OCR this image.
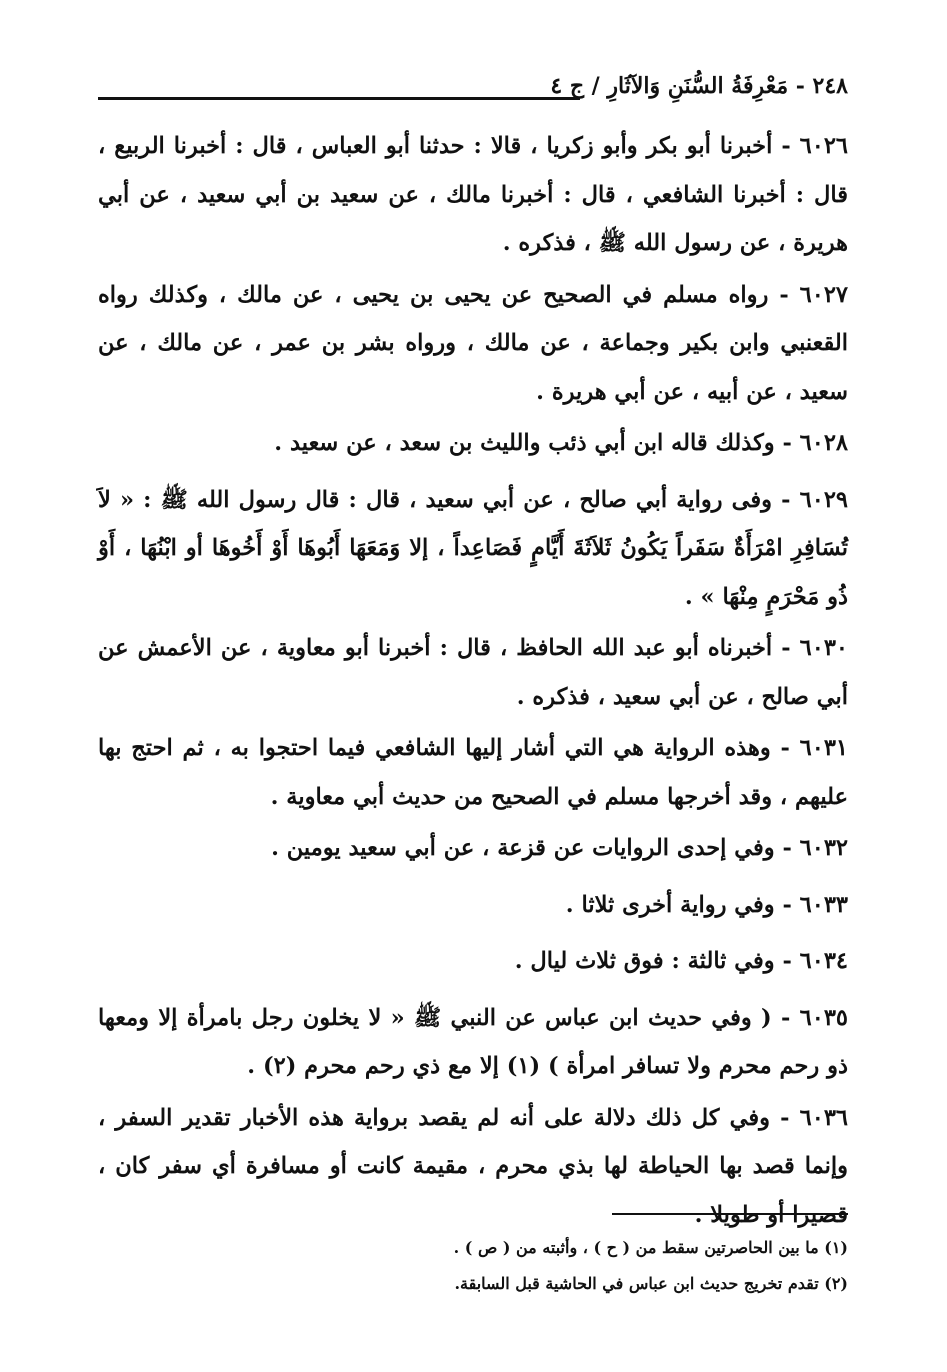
٢٤٨ - مَعْرِفَةُ السُّنَنِ وَالآثَارِ / ج ٤

٦٠٢٦ - أخبرنا أبو بكر وأبو زكريا ، قالا : حدثنا أبو العباس ، قال : أخبرنا الربيع ، قال : أخبرنا الشافعي ، قال : أخبرنا مالك ، عن سعيد بن أبي سعيد ، عن أبي هريرة ، عن رسول الله ﷺ ، فذكره .

٦٠٢٧ - رواه مسلم في الصحيح عن يحيى بن يحيى ، عن مالك ، وكذلك رواه القعنبي وابن بكير وجماعة ، عن مالك ، ورواه بشر بن عمر ، عن مالك ، عن سعيد ، عن أبيه ، عن أبي هريرة .

٦٠٢٨ - وكذلك قاله ابن أبي ذئب والليث بن سعد ، عن سعيد .

٦٠٢٩ - وفى رواية أبي صالح ، عن أبي سعيد ، قال : قال رسول الله ﷺ : « لاَ تُسَافِرِ امْرَأَةٌ سَفَراً يَكُونُ ثَلاَثَةَ أَيَّامٍ فَصَاعِداً ، إلا وَمَعَهَا أَبُوهَا أَوْ أَخُوهَا أو ابْنُهَا ، أَوْ ذُو مَحْرَمٍ مِنْهَا » .

٦٠٣٠ - أخبرناه أبو عبد الله الحافظ ، قال : أخبرنا أبو معاوية ، عن الأعمش عن أبي صالح ، عن أبي سعيد ، فذكره .

٦٠٣١ - وهذه الرواية هي التي أشار إليها الشافعي فيما احتجوا به ، ثم احتج بها عليهم ، وقد أخرجها مسلم في الصحيح من حديث أبي معاوية .

٦٠٣٢ - وفي إحدى الروايات عن قزعة ، عن أبي سعيد يومين .

٦٠٣٣ - وفي رواية أخرى ثلاثا .

٦٠٣٤ - وفي ثالثة : فوق ثلاث ليال .

٦٠٣٥ - ( وفي حديث ابن عباس عن النبي ﷺ « لا يخلون رجل بامرأة إلا ومعها ذو رحم محرم ولا تسافر امرأة ) (١) إلا مع ذي رحم محرم (٢) .

٦٠٣٦ - وفي كل ذلك دلالة على أنه لم يقصد برواية هذه الأخبار تقدير السفر ، وإنما قصد بها الحياطة لها بذي محرم ، مقيمة كانت أو مسافرة أي سفر كان ، قصيرا أو طويلا .

(١) ما بين الحاصرتين سقط من ( ح ) ، وأثبته من ( ص ) .

(٢) تقدم تخريج حديث ابن عباس في الحاشية قبل السابقة.
